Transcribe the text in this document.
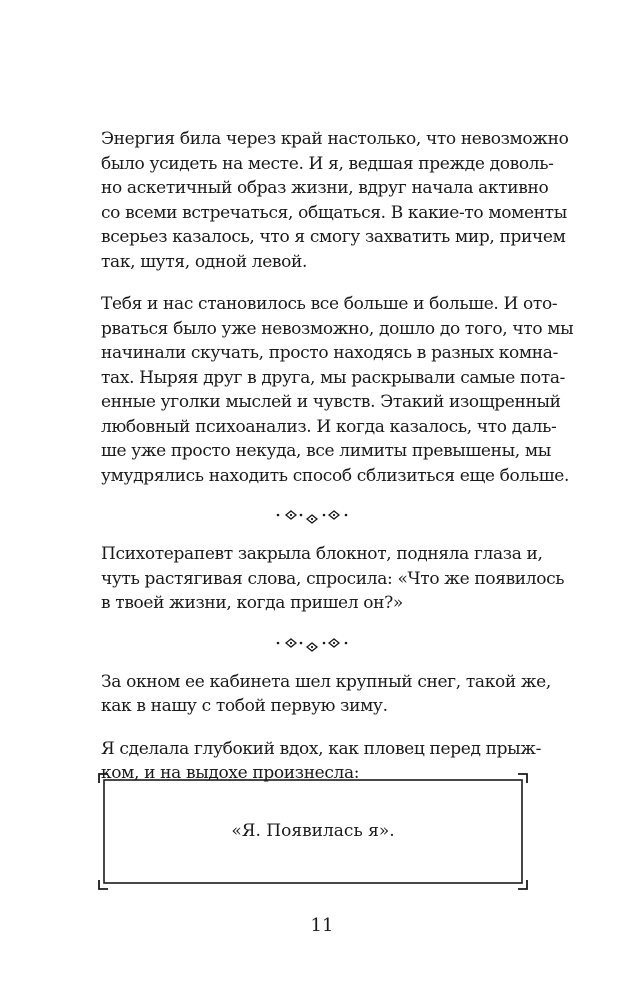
Энергия била через край настолько, что невозможно
было усидеть на месте. И я, ведшая прежде доволь-
но аскетичный образ жизни, вдруг начала активно
со всеми встречаться, общаться. В какие-то моменты
всерьез казалось, что я смогу захватить мир, причем
так, шутя, одной левой.

Тебя и нас становилось все больше и больше. И ото-
рваться было уже невозможно, дошло до того, что мы
начинали скучать, просто находясь в разных комна-
тах. Ныряя друг в друга, мы раскрывали самые пота-
енные уголки мыслей и чувств. Этакий изощренный
любовный психоанализ. И когда казалось, что даль-
ше уже просто некуда, все лимиты превышены, мы
умудрялись находить способ сблизиться еще больше.

Психотерапевт закрыла блокнот, подняла глаза и,
чуть растягивая слова, спросила: «Что же появилось
в твоей жизни, когда пришел он?»

За окном ее кабинета шел крупный снег, такой же,
как в нашу с тобой первую зиму.

Я сделала глубокий вдох, как пловец перед прыж-
ком, и на выдохе произнесла:

«Я. Появилась я».
11
